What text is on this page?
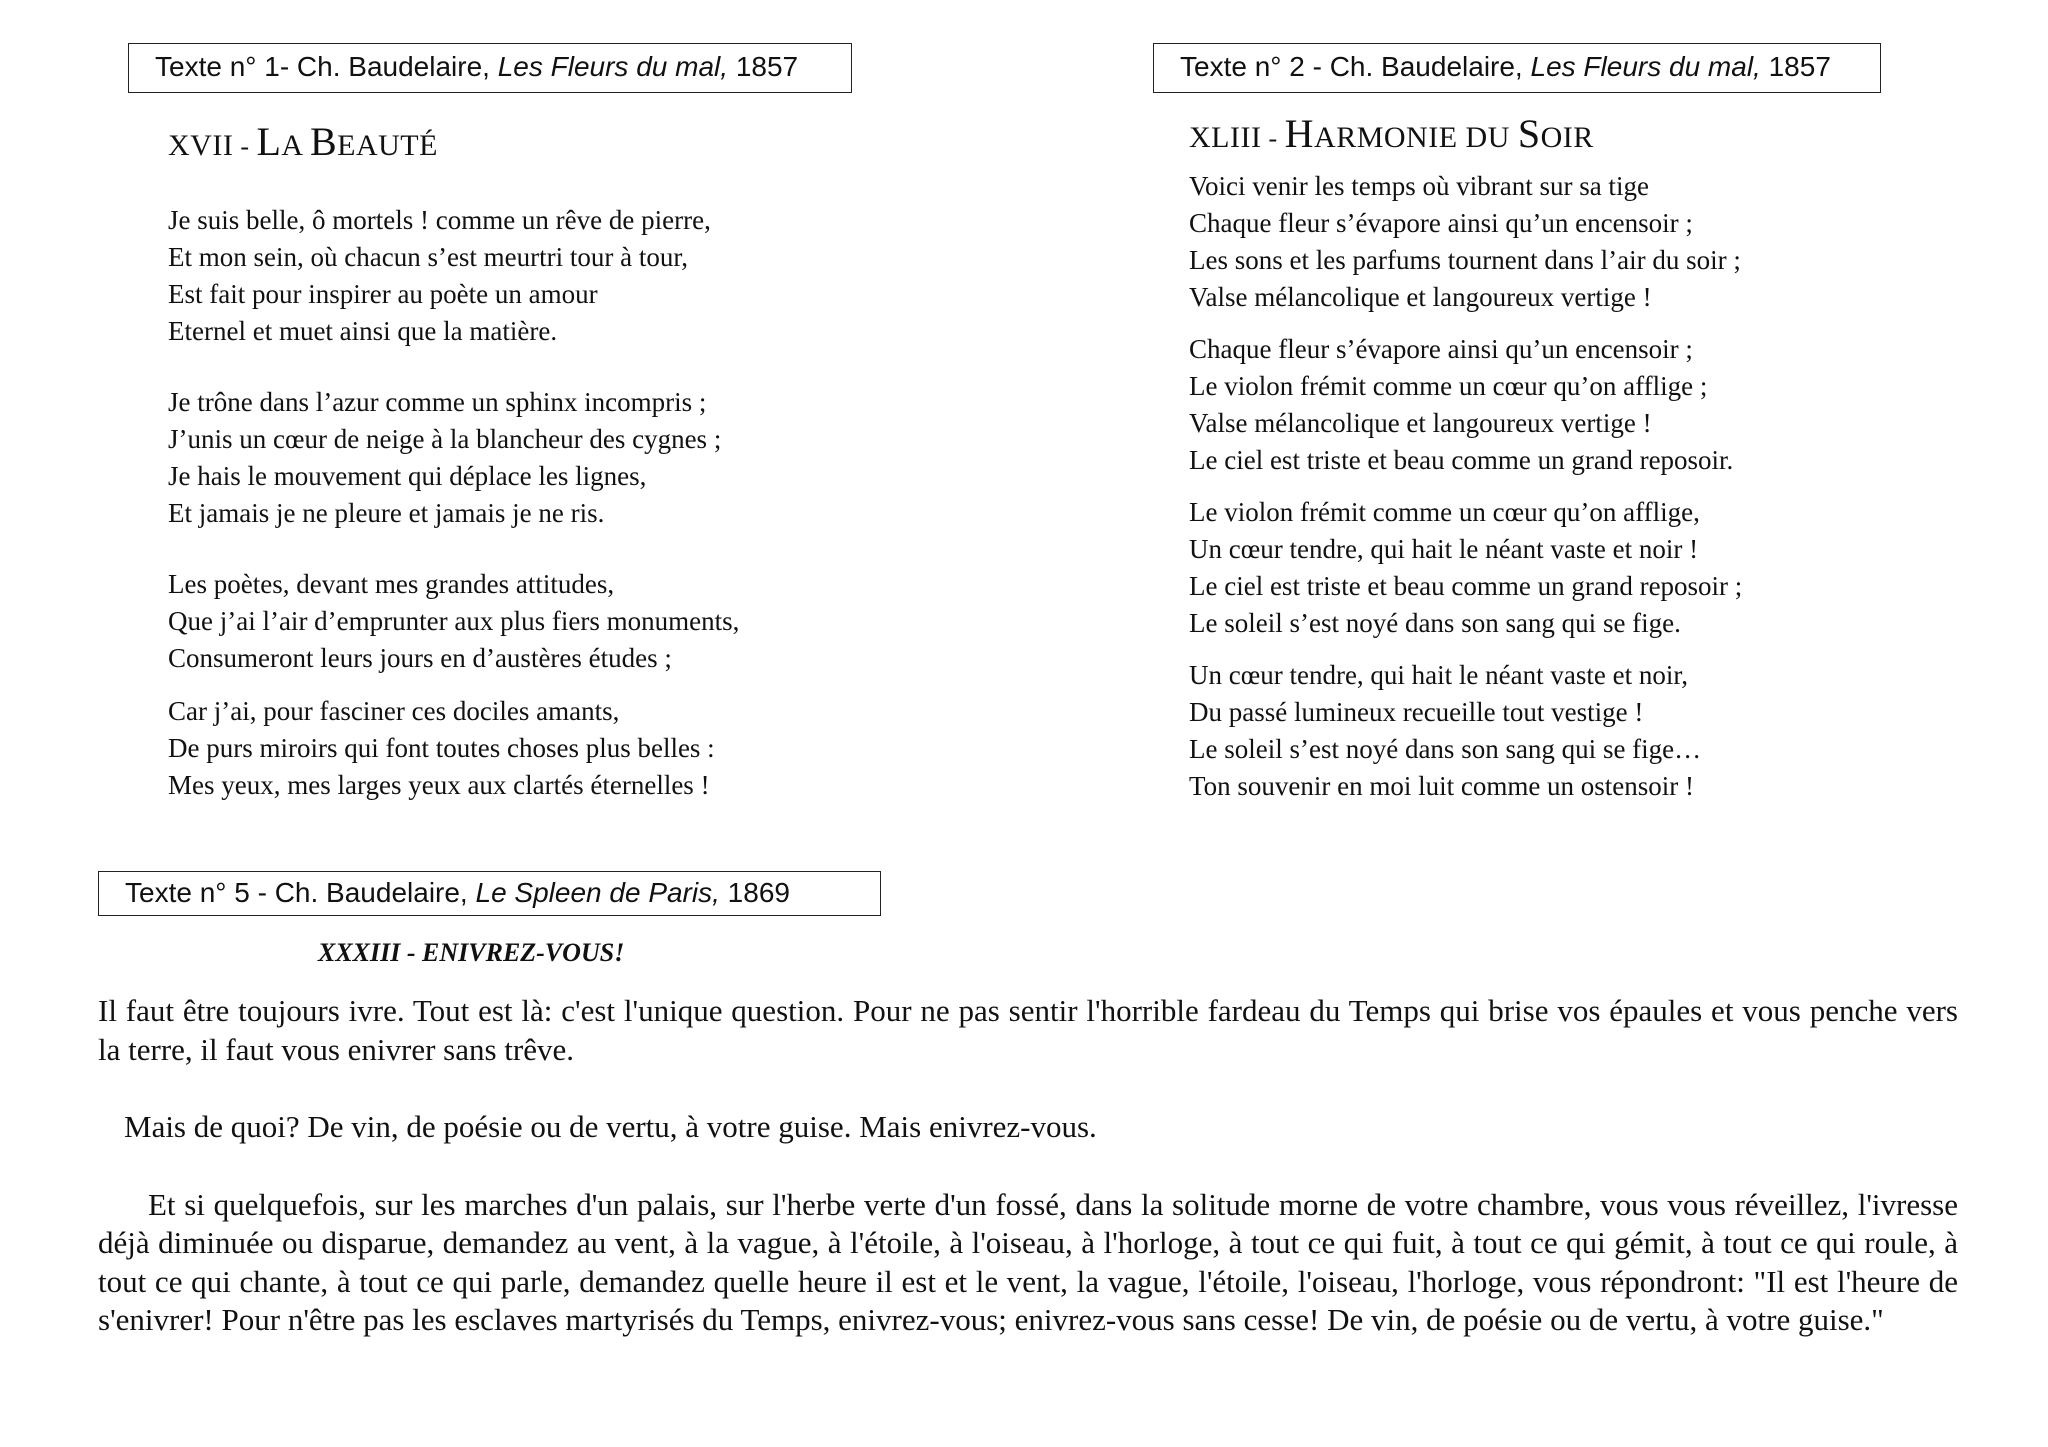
Texte n° 1- Ch. Baudelaire, Les Fleurs du mal, 1857
XVII - LA BEAUTÉ
Je suis belle, ô mortels ! comme un rêve de pierre,
Et mon sein, où chacun s’est meurtri tour à tour,
Est fait pour inspirer au poète un amour
Eternel et muet ainsi que la matière.
Je trône dans l’azur comme un sphinx incompris ;
J’unis un cœur de neige à la blancheur des cygnes ;
Je hais le mouvement qui déplace les lignes,
Et jamais je ne pleure et jamais je ne ris.
Les poètes, devant mes grandes attitudes,
Que j’ai l’air d’emprunter aux plus fiers monuments,
Consumeront leurs jours en d’austères études ;
Car j’ai, pour fasciner ces dociles amants,
De purs miroirs qui font toutes choses plus belles :
Mes yeux, mes larges yeux aux clartés éternelles !
Texte n° 2 - Ch. Baudelaire, Les Fleurs du mal, 1857
XLIII - HARMONIE DU SOIR
Voici venir les temps où vibrant sur sa tige
Chaque fleur s’évapore ainsi qu’un encensoir ;
Les sons et les parfums tournent dans l’air du soir ;
Valse mélancolique et langoureux vertige !
Chaque fleur s’évapore ainsi qu’un encensoir ;
Le violon frémit comme un cœur qu’on afflige ;
Valse mélancolique et langoureux vertige !
Le ciel est triste et beau comme un grand reposoir.
Le violon frémit comme un cœur qu’on afflige,
Un cœur tendre, qui hait le néant vaste et noir !
Le ciel est triste et beau comme un grand reposoir ;
Le soleil s’est noyé dans son sang qui se fige.
Un cœur tendre, qui hait le néant vaste et noir,
Du passé lumineux recueille tout vestige !
Le soleil s’est noyé dans son sang qui se fige…
Ton souvenir en moi luit comme un ostensoir !
Texte n° 5 - Ch. Baudelaire, Le Spleen de Paris, 1869
XXXIII - ENIVREZ-VOUS!

Il faut être toujours ivre. Tout est là: c'est l'unique question. Pour ne pas sentir l'horrible fardeau du Temps qui brise vos épaules et vous penche vers la terre, il faut vous enivrer sans trêve.

Mais de quoi? De vin, de poésie ou de vertu, à votre guise. Mais enivrez-vous.

Et si quelquefois, sur les marches d'un palais, sur l'herbe verte d'un fossé, dans la solitude morne de votre chambre, vous vous réveillez, l'ivresse déjà diminuée ou disparue, demandez au vent, à la vague, à l'étoile, à l'oiseau, à l'horloge, à tout ce qui fuit, à tout ce qui gémit, à tout ce qui roule, à tout ce qui chante, à tout ce qui parle, demandez quelle heure il est et le vent, la vague, l'étoile, l'oiseau, l'horloge, vous répondront: "Il est l'heure de s'enivrer! Pour n'être pas les esclaves martyrisés du Temps, enivrez-vous; enivrez-vous sans cesse! De vin, de poésie ou de vertu, à votre guise."
